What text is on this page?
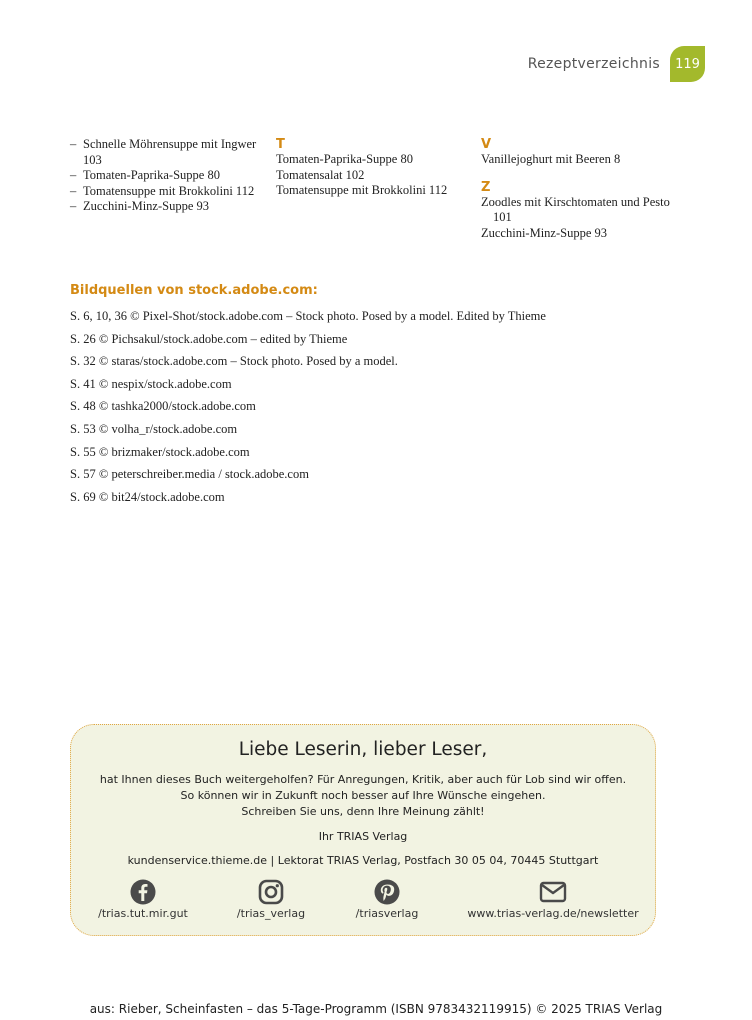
Rezeptverzeichnis	119
– Schnelle Möhrensuppe mit Ingwer 103
– Tomaten-Paprika-Suppe 80
– Tomatensuppe mit Brokkolini 112
– Zucchini-Minz-Suppe 93
T
Tomaten-Paprika-Suppe 80
Tomatensalat 102
Tomatensuppe mit Brokkolini 112
V
Vanillejoghurt mit Beeren 8
Z
Zoodles mit Kirschtomaten und Pesto 101
Zucchini-Minz-Suppe 93
Bildquellen von stock.adobe.com:
S. 6, 10, 36 © Pixel-Shot/stock.adobe.com – Stock photo. Posed by a model. Edited by Thieme
S. 26 © Pichsakul/stock.adobe.com – edited by Thieme
S. 32 © staras/stock.adobe.com – Stock photo. Posed by a model.
S. 41 © nespix/stock.adobe.com
S. 48 © tashka2000/stock.adobe.com
S. 53 © volha_r/stock.adobe.com
S. 55 © brizmaker/stock.adobe.com
S. 57 © peterschreiber.media / stock.adobe.com
S. 69 © bit24/stock.adobe.com
Liebe Leserin, lieber Leser,
hat Ihnen dieses Buch weitergeholfen? Für Anregungen, Kritik, aber auch für Lob sind wir offen.
So können wir in Zukunft noch besser auf Ihre Wünsche eingehen.
Schreiben Sie uns, denn Ihre Meinung zählt!
Ihr TRIAS Verlag
kundenservice.thieme.de | Lektorat TRIAS Verlag, Postfach 30 05 04, 70445 Stuttgart
/trias.tut.mir.gut	/trias_verlag	/triasverlag	www.trias-verlag.de/newsletter
aus: Rieber, Scheinfasten – das 5-Tage-Programm (ISBN 9783432119915) © 2025 TRIAS Verlag
